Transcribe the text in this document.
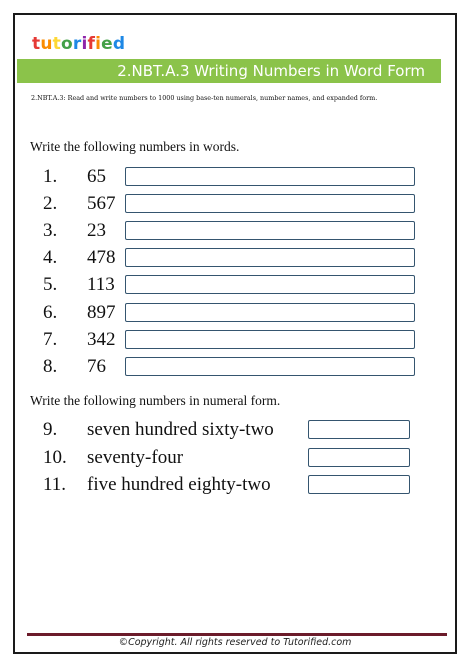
tutorified
2.NBT.A.3 Writing Numbers in Word Form
2.NBT.A.3: Read and write numbers to 1000 using base-ten numerals, number names, and expanded form.
Write the following numbers in words.
1. 65
2. 567
3. 23
4. 478
5. 113
6. 897
7. 342
8. 76
Write the following numbers in numeral form.
9. seven hundred sixty-two
10. seventy-four
11. five hundred eighty-two
©Copyright. All rights reserved to Tutorified.com
